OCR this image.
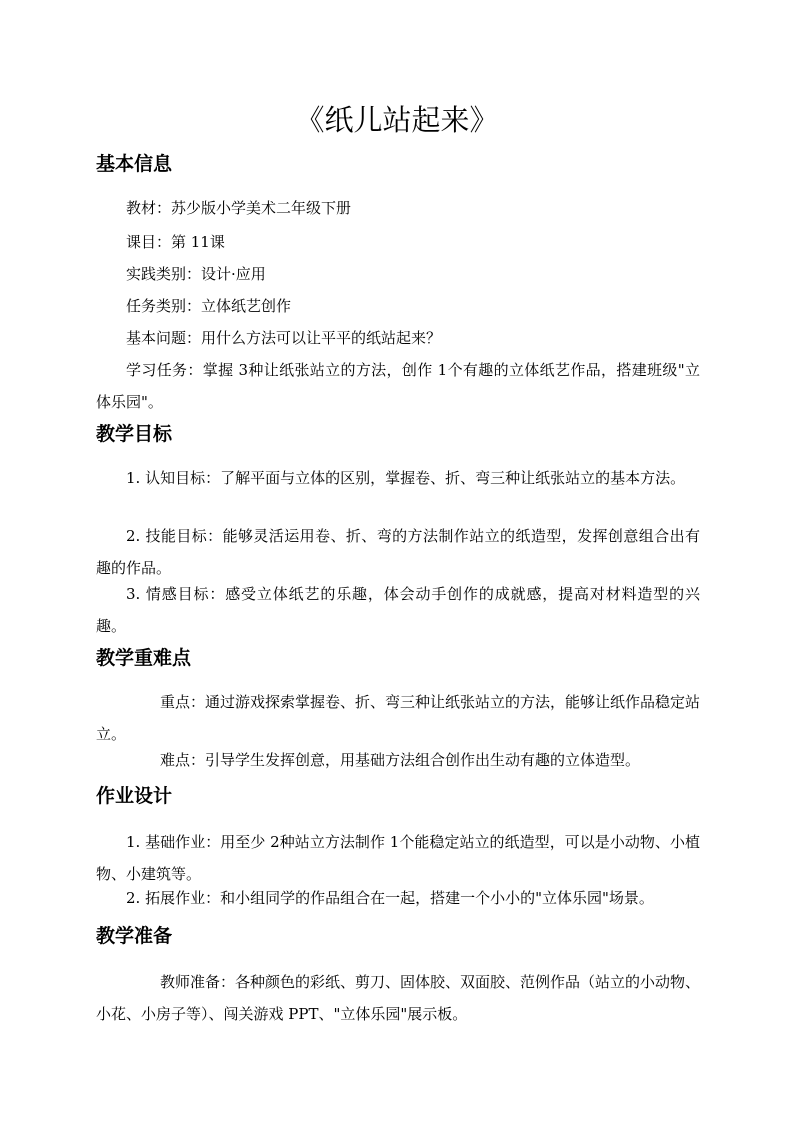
《纸儿站起来》
基本信息

教材：苏少版小学美术二年级下册

课目：第 11课

实践类别：设计·应用

任务类别：立体纸艺创作

基本问题：用什么方法可以让平平的纸站起来？

学习任务：掌握 3种让纸张站立的方法，创作 1个有趣的立体纸艺作品，搭建班级"立体乐园"。

教学目标

1. 认知目标：了解平面与立体的区别，掌握卷、折、弯三种让纸张站立的基本方法。

2. 技能目标：能够灵活运用卷、折、弯的方法制作站立的纸造型，发挥创意组合出有趣的作品。

3. 情感目标：感受立体纸艺的乐趣，体会动手创作的成就感，提高对材料造型的兴趣。

教学重难点

重点：通过游戏探索掌握卷、折、弯三种让纸张站立的方法，能够让纸作品稳定站立。

难点：引导学生发挥创意，用基础方法组合创作出生动有趣的立体造型。

作业设计

1. 基础作业：用至少 2种站立方法制作 1个能稳定站立的纸造型，可以是小动物、小植物、小建筑等。

2. 拓展作业：和小组同学的作品组合在一起，搭建一个小小的"立体乐园"场景。

教学准备

教师准备：各种颜色的彩纸、剪刀、固体胶、双面胶、范例作品（站立的小动物、小花、小房子等）、闯关游戏 PPT、"立体乐园"展示板。
